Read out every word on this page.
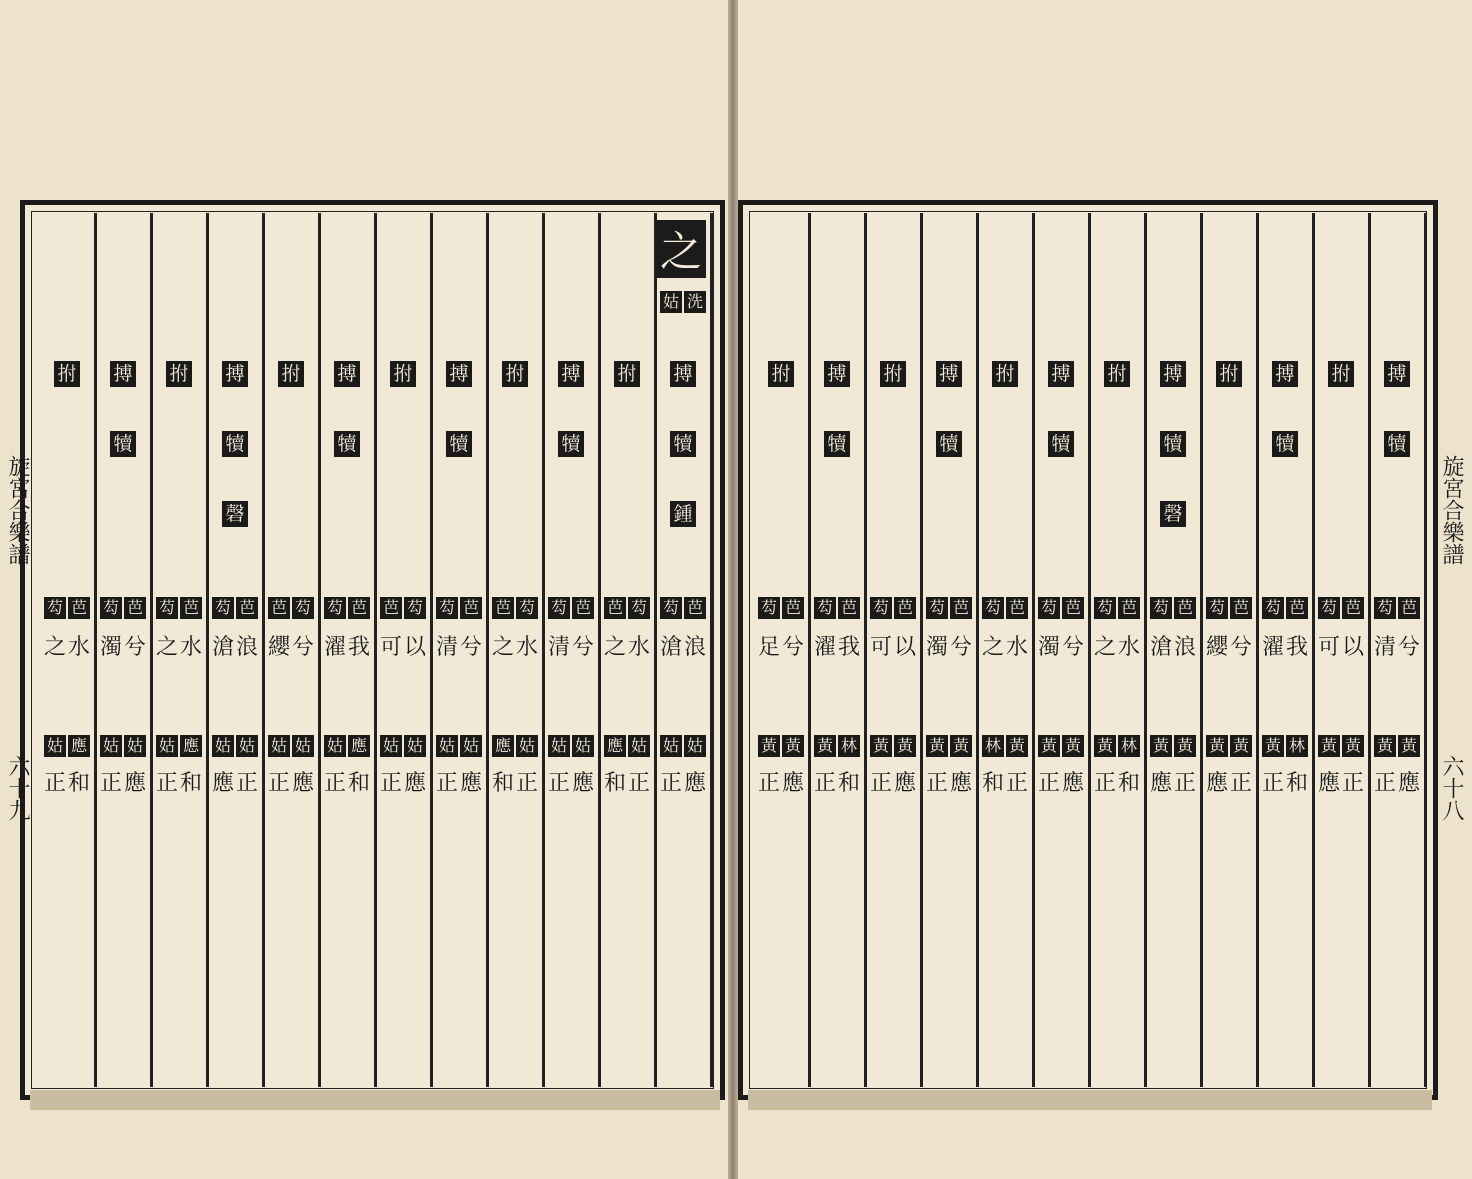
旋宮合樂譜
六十九
旋宮合樂譜
六十八
姑 洗
搏
犢
鍾
芶 芭
滄 浪
姑 姑
正 應
拊
芭 芶
之 水
應 姑
和 正
搏
犢
芶 芭
清 兮
姑 姑
正 應
拊
芭 芶
之 水
應 姑
和 正
搏
犢
芶 芭
清 兮
姑 姑
正 應
拊
芭 芶
可 以
姑 姑
正 應
搏
犢
芶 芭
濯 我
姑 應
正 和
拊
芭 芶
纓 兮
姑 姑
正 應
搏
犢
磬
芶 芭
滄 浪
姑 姑
應 正
拊
芶 芭
之 水
姑 應
正 和
搏
犢
芶 芭
濁 兮
姑 姑
正 應
拊
芶 芭
之 水
姑 應
正 和
搏
犢
芶 芭
清 兮
黃 黃
正 應
拊
芶 芭
可 以
黃 黃
應 正
搏
犢
芶 芭
濯 我
黃 林
正 和
拊
芶 芭
纓 兮
黃 黃
應 正
搏
犢
磬
芶 芭
滄 浪
黃 黃
應 正
拊
芶 芭
之 水
黃 林
正 和
搏
犢
芶 芭
濁 兮
黃 黃
正 應
拊
芶 芭
之 水
林 黃
和 正
搏
犢
芶 芭
濁 兮
黃 黃
正 應
拊
芶 芭
可 以
黃 黃
正 應
搏
犢
芶 芭
濯 我
黃 林
正 和
拊
芶 芭
足 兮
黃 黃
正 應
之
